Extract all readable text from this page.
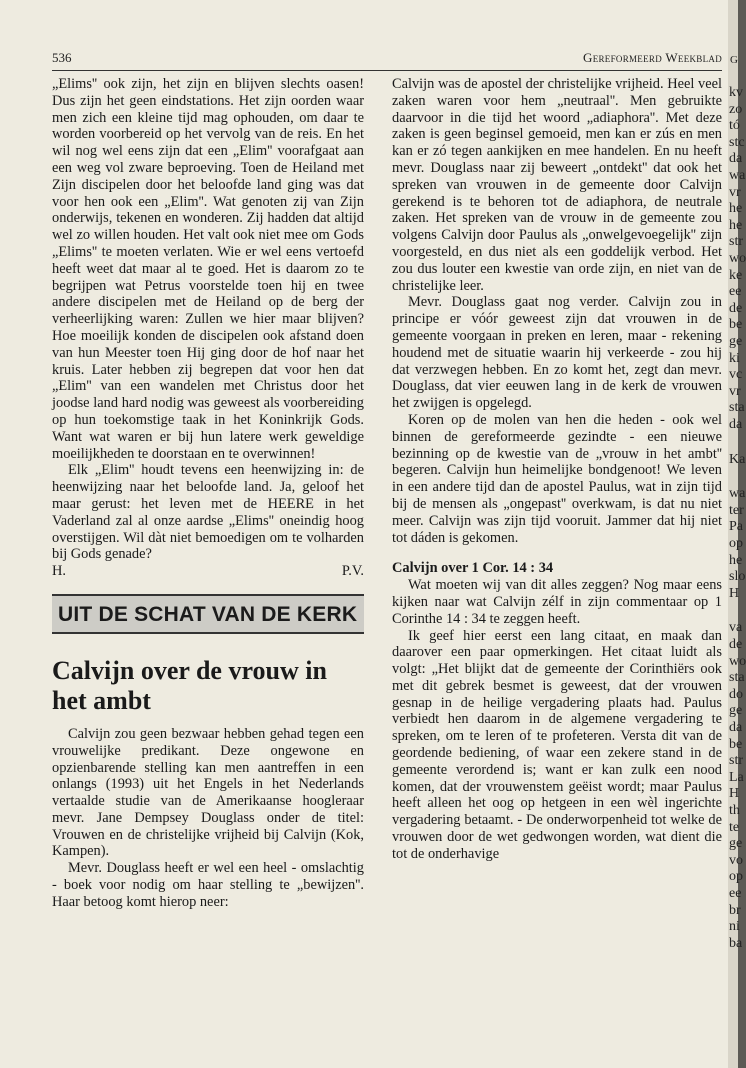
536	Gereformeerd Weekblad

„Elims'' ook zijn, het zijn en blijven slechts oasen! Dus zijn het geen eindstations. Het zijn oorden waar men zich een kleine tijd mag ophouden, om daar te worden voorbereid op het vervolg van de reis. En het wil nog wel eens zijn dat een „Elim'' voorafgaat aan een weg vol zware beproeving. Toen de Heiland met Zijn discipelen door het beloofde land ging was dat voor hen ook een „Elim''. Wat genoten zij van Zijn onderwijs, tekenen en wonderen. Zij hadden dat altijd wel zo willen houden. Het valt ook niet mee om Gods „Elims'' te moeten verlaten. Wie er wel eens vertoefd heeft weet dat maar al te goed. Het is daarom zo te begrijpen wat Petrus voorstelde toen hij en twee andere discipelen met de Heiland op de berg der verheerlijking waren: Zullen we hier maar blijven? Hoe moeilijk konden de discipelen ook afstand doen van hun Meester toen Hij ging door de hof naar het kruis. Later hebben zij begrepen dat voor hen dat „Elim'' van een wandelen met Christus door het joodse land hard nodig was geweest als voorbereiding op hun toekomstige taak in het Koninkrijk Gods. Want wat waren er bij hun latere werk geweldige moeilijkheden te doorstaan en te overwinnen!

Elk „Elim'' houdt tevens een heenwijzing in: de heenwijzing naar het beloofde land. Ja, geloof het maar gerust: het leven met de HEERE in het Vaderland zal al onze aardse „Elims'' oneindig hoog overstijgen. Wil dàt niet bemoedigen om te volharden bij Gods genade?

H.	P.V.
UIT DE SCHAT VAN DE KERK
Calvijn over de vrouw in het ambt

Calvijn zou geen bezwaar hebben gehad tegen een vrouwelijke predikant. Deze ongewone en opzienbarende stelling kan men aantreffen in een onlangs (1993) uit het Engels in het Nederlands vertaalde studie van de Amerikaanse hoogleraar mevr. Jane Dempsey Douglass onder de titel: Vrouwen en de christelijke vrijheid bij Calvijn (Kok, Kampen).

Mevr. Douglass heeft er wel een heel - omslachtig - boek voor nodig om haar stelling te „bewijzen''. Haar betoog komt hierop neer:

Calvijn was de apostel der christelijke vrijheid. Heel veel zaken waren voor hem „neutraal''. Men gebruikte daarvoor in die tijd het woord „adiaphora''. Met deze zaken is geen beginsel gemoeid, men kan er zús en men kan er zó tegen aankijken en mee handelen. En nu heeft mevr. Douglass naar zij beweert „ontdekt'' dat ook het spreken van vrouwen in de gemeente door Calvijn gerekend is te behoren tot de adiaphora, de neutrale zaken. Het spreken van de vrouw in de gemeente zou volgens Calvijn door Paulus als „onwelgevoegelijk'' zijn voorgesteld, en dus niet als een goddelijk verbod. Het zou dus louter een kwestie van orde zijn, en niet van de christelijke leer.

Mevr. Douglass gaat nog verder. Calvijn zou in principe er vóór geweest zijn dat vrouwen in de gemeente voorgaan in preken en leren, maar - rekening houdend met de situatie waarin hij verkeerde - zou hij dat verzwegen hebben. En zo komt het, zegt dan mevr. Douglass, dat vier eeuwen lang in de kerk de vrouwen het zwijgen is opgelegd.

Koren op de molen van hen die heden - ook wel binnen de gereformeerde gezindte - een nieuwe bezinning op de kwestie van de „vrouw in het ambt'' begeren. Calvijn hun heimelijke bondgenoot! We leven in een andere tijd dan de apostel Paulus, wat in zijn tijd bij de mensen als „ongepast'' overkwam, is dat nu niet meer. Calvijn was zijn tijd vooruit. Jammer dat hij niet tot dáden is gekomen.

Calvijn over 1 Cor. 14 : 34

Wat moeten wij van dit alles zeggen? Nog maar eens kijken naar wat Calvijn zélf in zijn commentaar op 1 Corinthe 14 : 34 te zeggen heeft.

Ik geef hier eerst een lang citaat, en maak dan daarover een paar opmerkingen. Het citaat luidt als volgt: „Het blijkt dat de gemeente der Corinthiërs ook met dit gebrek besmet is geweest, dat der vrouwen gesnap in de heilige vergadering plaats had. Paulus verbiedt hen daarom in de algemene vergadering te spreken, om te leren of te profeteren. Versta dit van de geordende bediening, of waar een zekere stand in de gemeente verordend is; want er kan zulk een nood komen, dat der vrouwenstem geëist wordt; maar Paulus heeft alleen het oog op hetgeen in een wèl ingerichte vergadering betaamt. - De onderworpenheid tot welke de vrouwen door de wet gedwongen worden, wat dient die tot de onderhavige

G
kv
zo
tó
stc
da
wa
vr
he
he
str
wo
ke
ee
de
be
ge
ki
vc
vr
sta
da
Ka
wa
ter
Pa
op
he
slo
H
va
de
wo
sta
do
ge
da
be
str
La
H
th
te
ge
vo
op
ee
br
ni
ba
